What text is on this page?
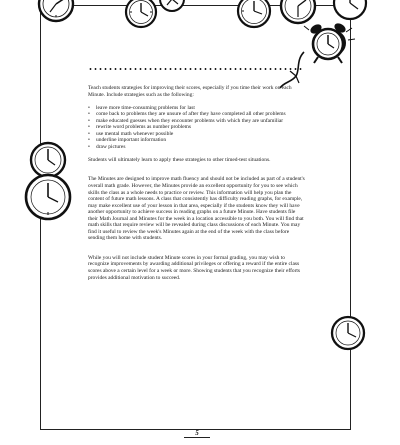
Teach students strategies for improving their scores, especially if you time their work on each Minute. Include strategies such as the following:

• leave more time-consuming problems for last
• come back to problems they are unsure of after they have completed all other problems
• make educated guesses when they encounter problems with which they are unfamiliar
• rewrite word problems as number problems
• use mental math whenever possible
• underline important information
• draw pictures

Students will ultimately learn to apply these strategies to other timed-test situations.

The Minutes are designed to improve math fluency and should not be included as part of a student's overall math grade. However, the Minutes provide an excellent opportunity for you to see which skills the class as a whole needs to practice or review. This information will help you plan the content of future math lessons. A class that consistently has difficulty reading graphs, for example, may make excellent use of your lesson in that area, especially if the students know they will have another opportunity to achieve success in reading graphs on a future Minute. Have students file their Math Journal and Minutes for the week in a location accessible to you both. You will find that math skills that require review will be revealed during class discussions of each Minute. You may find it useful to review the week's Minutes again at the end of the week with the class before sending them home with students.

While you will not include student Minute scores in your formal grading, you may wish to recognize improvements by awarding additional privileges or offering a reward if the entire class scores above a certain level for a week or more. Showing students that you recognize their efforts provides additional motivation to succeed.

5
